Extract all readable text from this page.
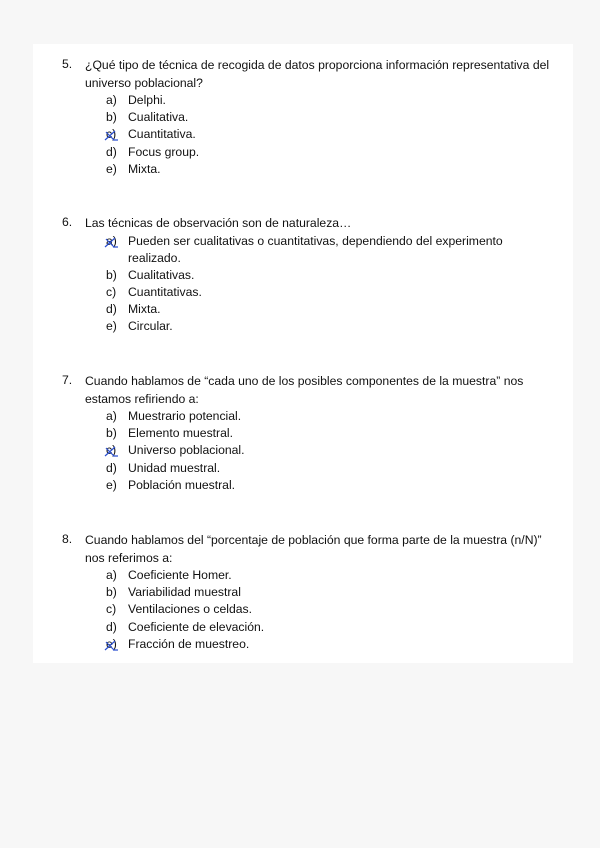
5. ¿Qué tipo de técnica de recogida de datos proporciona información representativa del universo poblacional?
a) Delphi.
b) Cualitativa.
c) Cuantitativa.
d) Focus group.
e) Mixta.
6. Las técnicas de observación son de naturaleza…
a) Pueden ser cualitativas o cuantitativas, dependiendo del experimento realizado.
b) Cualitativas.
c) Cuantitativas.
d) Mixta.
e) Circular.
7. Cuando hablamos de “cada uno de los posibles componentes de la muestra” nos estamos refiriendo a:
a) Muestrario potencial.
b) Elemento muestral.
c) Universo poblacional.
d) Unidad muestral.
e) Población muestral.
8. Cuando hablamos del “porcentaje de población que forma parte de la muestra (n/N)” nos referimos a:
a) Coeficiente Homer.
b) Variabilidad muestral
c) Ventilaciones o celdas.
d) Coeficiente de elevación.
e) Fracción de muestreo.
